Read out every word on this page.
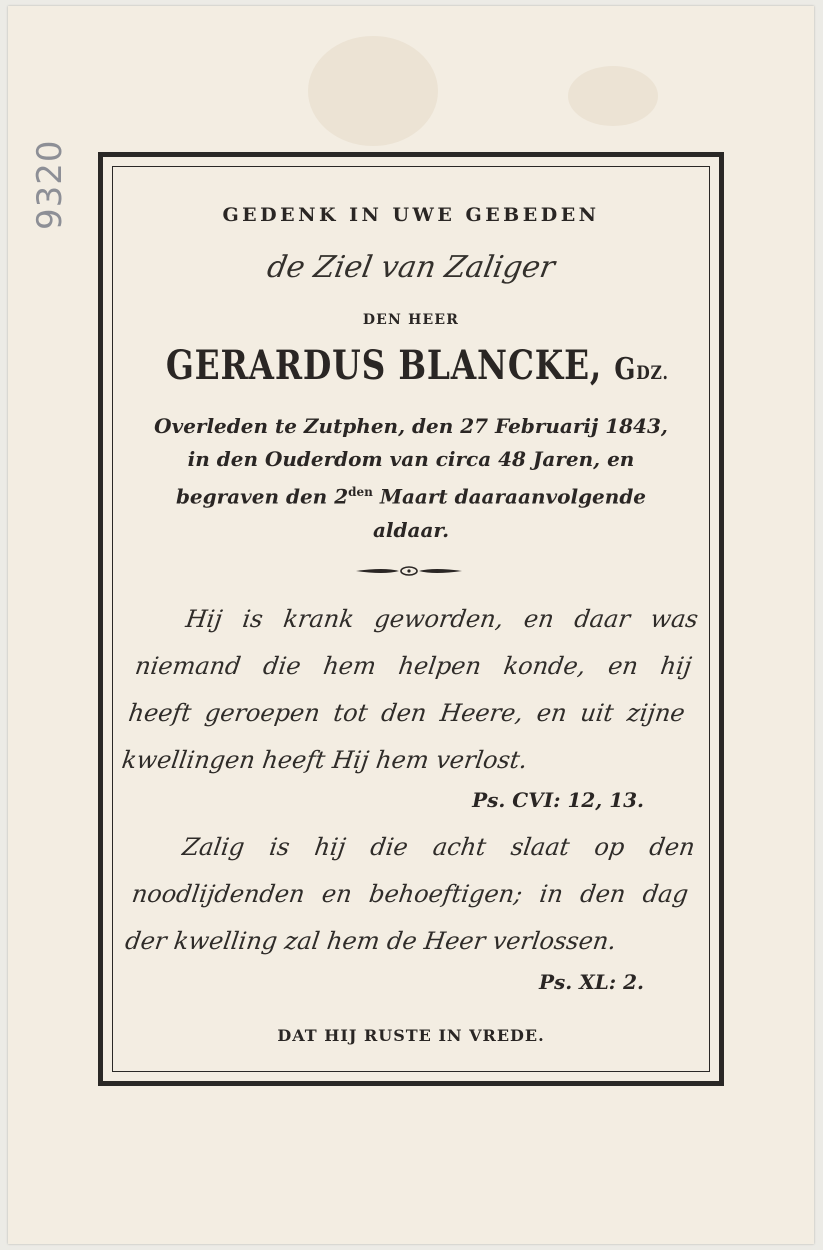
9320	GEDENK IN UWE GEBEDEN
de Ziel van Zaliger
DEN HEER
GERARDUS BLANCKE, GDZ.
Overleden te Zutphen, den 27 Februarij 1843,
in den Ouderdom van circa 48 Jaren, en
begraven den $2^{den}$ Maart daaraanvolgende
aldaar.
Hij is krank geworden, en daar was
niemand die hem helpen konde, en hij
heeft geroepen tot den Heere, en uit zijne
kwellingen heeft Hij hem verlost.
Ps. CVI: 12, 13.
Zalig is hij die acht slaat op den
noodlijdenden en behoeftigen; in den dag
der kwelling zal hem de Heer verlossen.
Ps. XL: 2.
DAT HIJ RUSTE IN VREDE.
